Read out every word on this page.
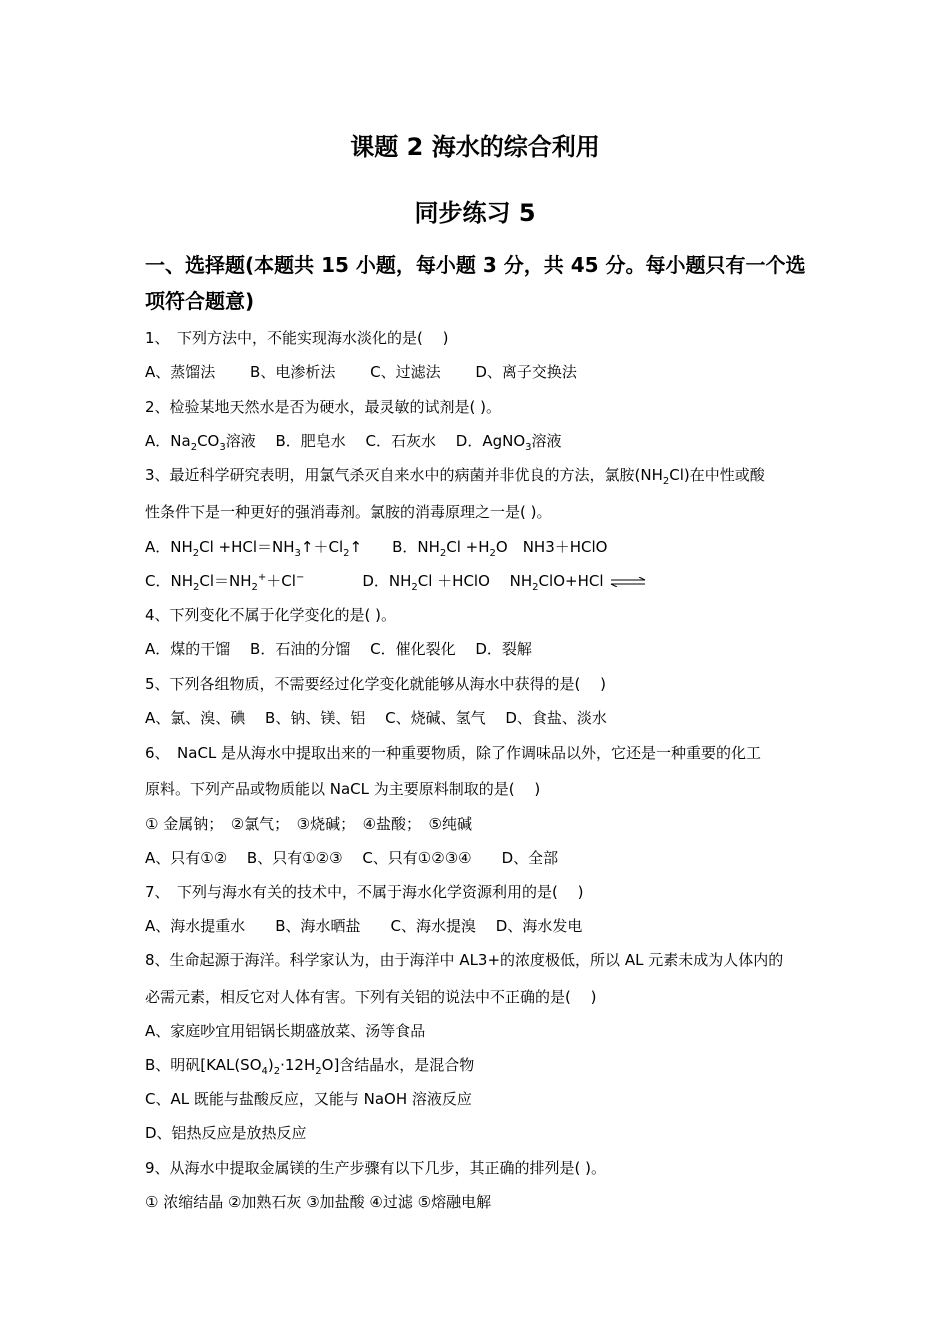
课题 2 海水的综合利用
同步练习 5
一、选择题(本题共 15 小题，每小题 3 分，共 45 分。每小题只有一个选项符合题意)
1、　下列方法中，不能实现海水淡化的是(　 )
A、蒸馏法　　 B、电渗析法　　 C、过滤法　　 D、离子交换法
2、检验某地天然水是否为硬水，最灵敏的试剂是( )。
A．$Na_2CO_3$溶液　 B．肥皂水　 C．石灰水　 D．AgNO$_3$溶液
3、最近科学研究表明，用氯气杀灭自来水中的病菌并非优良的方法，氯胺$(NH_2Cl)$在中性或酸
性条件下是一种更好的强消毒剂。氯胺的消毒原理之一是( )。
A．$NH_2Cl$ $+HCl=NH_3↑+Cl_2↑$ B．$NH_2Cl +H_2O$　NH3＋HClO
C．$NH_2Cl=NH_2^++Cl^-$	D．$NH_2Cl$ ＋HClO　 $NH_2ClO+HCl$ ⇌
4、下列变化不属于化学变化的是( )。
A．煤的干馏　 B．石油的分馏　 C．催化裂化　 D．裂解
5、下列各组物质，不需要经过化学变化就能够从海水中获得的是(　 )
A、氯、溴、碘　 B、钠、镁、铝　 C、烧碱、氢气　 D、食盐、淡水
6、　NaCL 是从海水中提取出来的一种重要物质，除了作调味品以外，它还是一种重要的化工
原料。下列产品或物质能以 NaCL 为主要原料制取的是(　 )
① 金属钠；　②氯气；　③烧碱；　④盐酸；　⑤纯碱
A、只有①②　 B、只有①②③　 C、只有①②③④　　D、全部
7、　下列与海水有关的技术中，不属于海水化学资源利用的是(　 )
A、海水提重水　　B、海水晒盐　　C、海水提溴　 D、海水发电
8、生命起源于海洋。科学家认为，由于海洋中 AL3+的浓度极低，所以 AL 元素未成为人体内的
必需元素，相反它对人体有害。下列有关铝的说法中不正确的是(　 )
A、家庭吵宜用铝锅长期盛放菜、汤等食品
B、明矾$[KAL(SO_4)_2\cdot 12H_2O]$含结晶水，是混合物
C、AL 既能与盐酸反应，又能与 NaOH 溶液反应
D、铝热反应是放热反应
9、从海水中提取金属镁的生产步骤有以下几步，其正确的排列是( )。
① 浓缩结晶 ②加熟石灰 ③加盐酸 ④过滤 ⑤熔融电解
